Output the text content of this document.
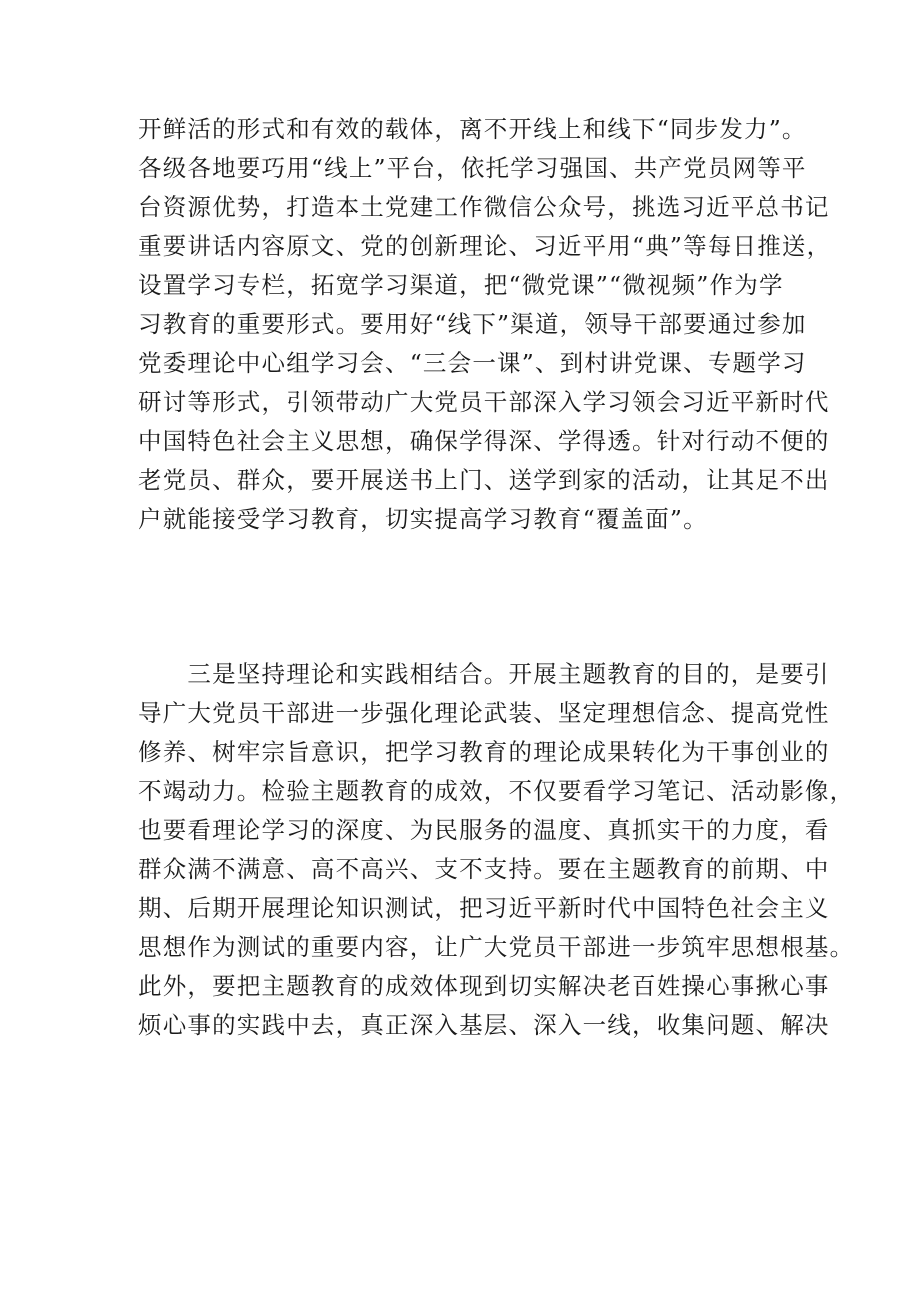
开鲜活的形式和有效的载体，离不开线上和线下“同步发力”。
各级各地要巧用“线上”平台，依托学习强国、共产党员网等平
台资源优势，打造本土党建工作微信公众号，挑选习近平总书记
重要讲话内容原文、党的创新理论、习近平用“典”等每日推送，
设置学习专栏，拓宽学习渠道，把“微党课”“微视频”作为学
习教育的重要形式。要用好“线下”渠道，领导干部要通过参加
党委理论中心组学习会、“三会一课”、到村讲党课、专题学习
研讨等形式，引领带动广大党员干部深入学习领会习近平新时代
中国特色社会主义思想，确保学得深、学得透。针对行动不便的
老党员、群众，要开展送书上门、送学到家的活动，让其足不出
户就能接受学习教育，切实提高学习教育“覆盖面”。

　　三是坚持理论和实践相结合。开展主题教育的目的，是要引
导广大党员干部进一步强化理论武装、坚定理想信念、提高党性
修养、树牢宗旨意识，把学习教育的理论成果转化为干事创业的
不竭动力。检验主题教育的成效，不仅要看学习笔记、活动影像，
也要看理论学习的深度、为民服务的温度、真抓实干的力度，看
群众满不满意、高不高兴、支不支持。要在主题教育的前期、中
期、后期开展理论知识测试，把习近平新时代中国特色社会主义
思想作为测试的重要内容，让广大党员干部进一步筑牢思想根基。
此外，要把主题教育的成效体现到切实解决老百姓操心事揪心事
烦心事的实践中去，真正深入基层、深入一线，收集问题、解决
